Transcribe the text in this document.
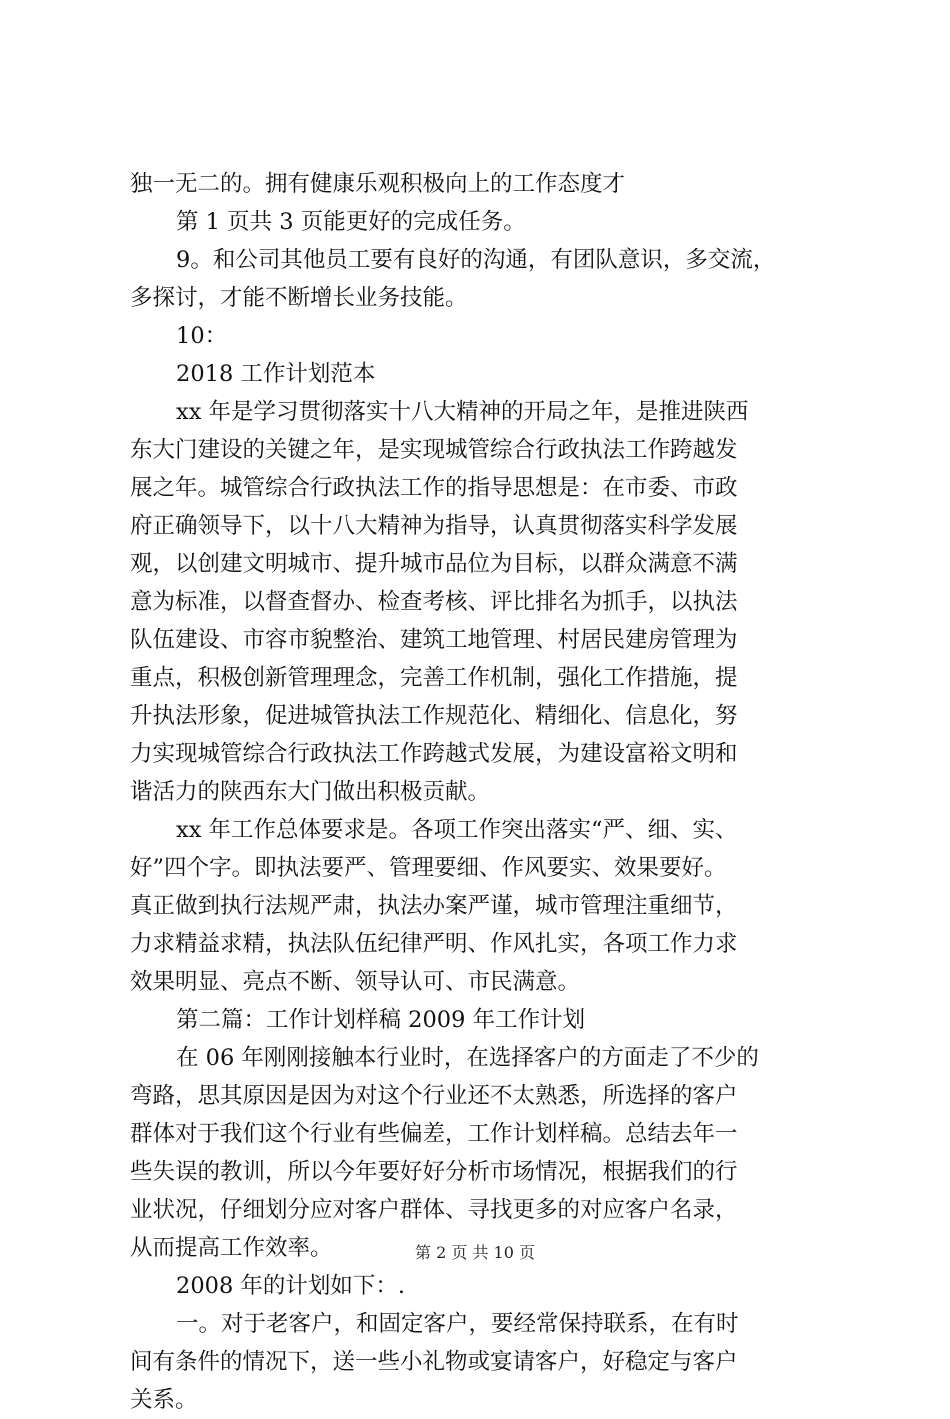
独一无二的。拥有健康乐观积极向上的工作态度才
第 1 页共 3 页能更好的完成任务。
9。和公司其他员工要有良好的沟通，有团队意识，多交流，
多探讨，才能不断增长业务技能。
10：
2018 工作计划范本
xx 年是学习贯彻落实十八大精神的开局之年，是推进陕西
东大门建设的关键之年，是实现城管综合行政执法工作跨越发
展之年。城管综合行政执法工作的指导思想是：在市委、市政
府正确领导下，以十八大精神为指导，认真贯彻落实科学发展
观，以创建文明城市、提升城市品位为目标，以群众满意不满
意为标准，以督查督办、检查考核、评比排名为抓手，以执法
队伍建设、市容市貌整治、建筑工地管理、村居民建房管理为
重点，积极创新管理理念，完善工作机制，强化工作措施，提
升执法形象，促进城管执法工作规范化、精细化、信息化，努
力实现城管综合行政执法工作跨越式发展，为建设富裕文明和
谐活力的陕西东大门做出积极贡献。
xx 年工作总体要求是。各项工作突出落实“严、细、实、
好”四个字。即执法要严、管理要细、作风要实、效果要好。
真正做到执行法规严肃，执法办案严谨，城市管理注重细节，
力求精益求精，执法队伍纪律严明、作风扎实，各项工作力求
效果明显、亮点不断、领导认可、市民满意。
第二篇：工作计划样稿 2009 年工作计划
在 06 年刚刚接触本行业时，在选择客户的方面走了不少的
弯路，思其原因是因为对这个行业还不太熟悉，所选择的客户
群体对于我们这个行业有些偏差，工作计划样稿。总结去年一
些失误的教训，所以今年要好好分析市场情况，根据我们的行
业状况，仔细划分应对客户群体、寻找更多的对应客户名录，
从而提高工作效率。
2008 年的计划如下：.
一。对于老客户，和固定客户，要经常保持联系，在有时
间有条件的情况下，送一些小礼物或宴请客户，好稳定与客户
关系。
第 2 页 共 10 页
